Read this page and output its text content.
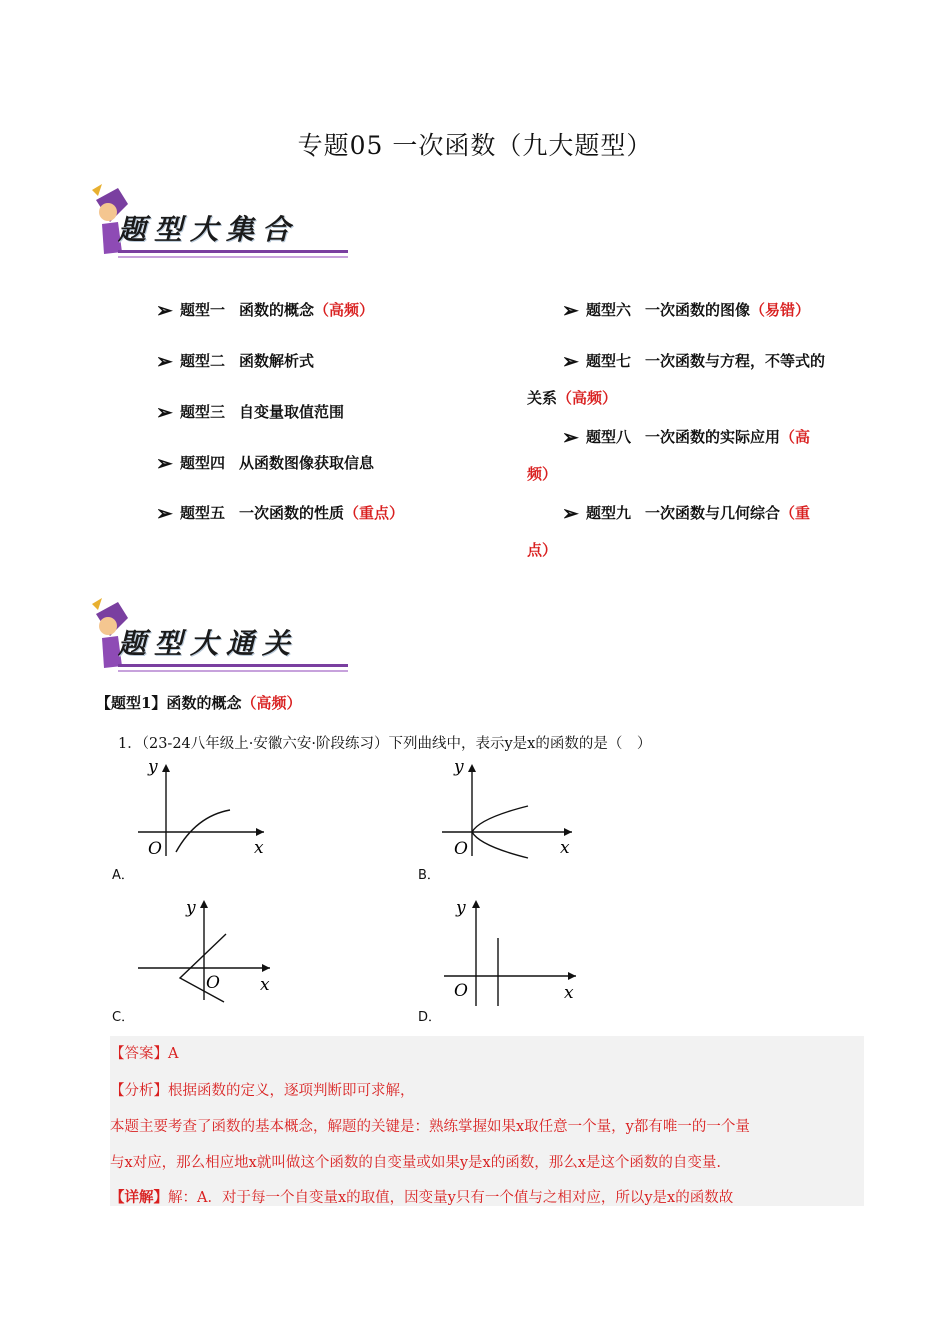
专题05 一次函数（九大题型）
题型大集合
➢ 题型一 函数的概念（高频）
➢ 题型二 函数解析式
➢ 题型三 自变量取值范围
➢ 题型四 从函数图像获取信息
➢ 题型五 一次函数的性质（重点）
➢ 题型六 一次函数的图像（易错）
➢ 题型七 一次函数与方程，不等式的
关系（高频）
➢ 题型八 一次函数的实际应用（高
频）
➢ 题型九 一次函数与几何综合（重
点）
题型大通关
【题型1】函数的概念（高频）
1．（23-24八年级上·安徽六安·阶段练习）下列曲线中，表示y是x的函数的是（　）
y
x
O
A．
y
x
O
B．
y
x
O
C．
y
x
O
D．
【答案】A
【分析】根据函数的定义，逐项判断即可求解，
本题主要考查了函数的基本概念，解题的关键是：熟练掌握如果x取任意一个量，y都有唯一的一个量
与x对应，那么相应地x就叫做这个函数的自变量或如果y是x的函数，那么x是这个函数的自变量.
【详解】解：A．对于每一个自变量x的取值，因变量y只有一个值与之相对应，所以y是x的函数故
